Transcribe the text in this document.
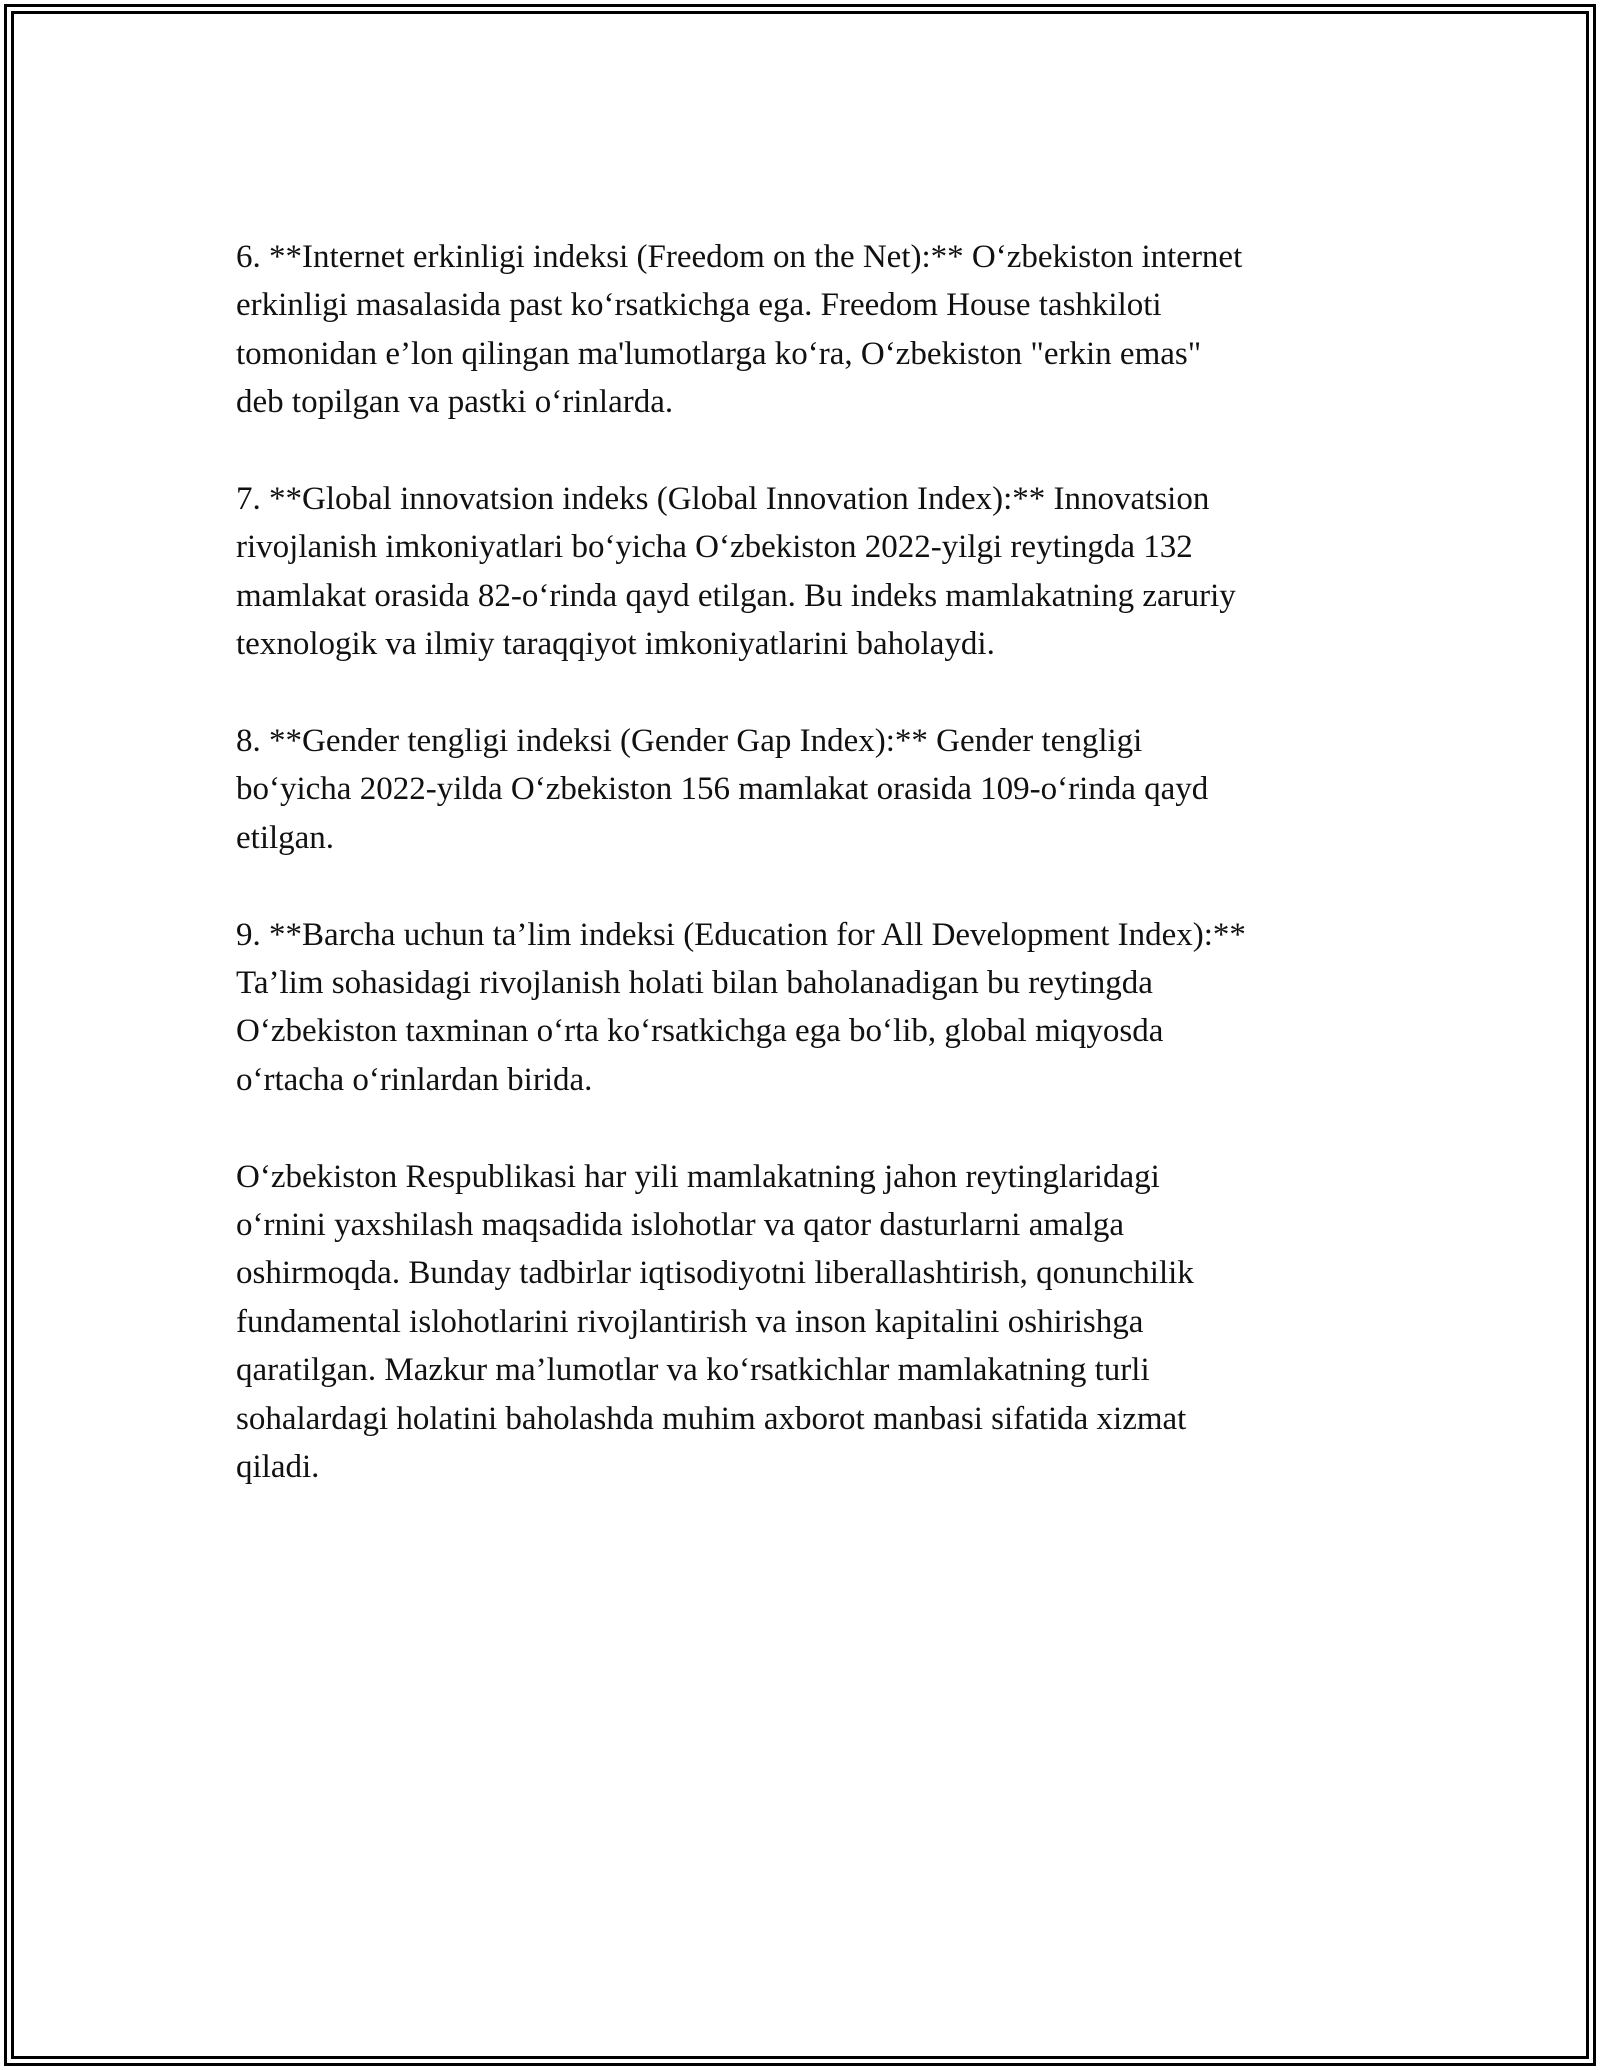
6. **Internet erkinligi indeksi (Freedom on the Net):** O‘zbekiston internet
erkinligi masalasida past ko‘rsatkichga ega. Freedom House tashkiloti
tomonidan e’lon qilingan ma'lumotlarga ko‘ra, O‘zbekiston "erkin emas"
deb topilgan va pastki o‘rinlarda.

7. **Global innovatsion indeks (Global Innovation Index):** Innovatsion
rivojlanish imkoniyatlari bo‘yicha O‘zbekiston 2022-yilgi reytingda 132
mamlakat orasida 82-o‘rinda qayd etilgan. Bu indeks mamlakatning zaruriy
texnologik va ilmiy taraqqiyot imkoniyatlarini baholaydi.

8. **Gender tengligi indeksi (Gender Gap Index):** Gender tengligi
bo‘yicha 2022-yilda O‘zbekiston 156 mamlakat orasida 109-o‘rinda qayd
etilgan.

9. **Barcha uchun ta’lim indeksi (Education for All Development Index):**
Ta’lim sohasidagi rivojlanish holati bilan baholanadigan bu reytingda
O‘zbekiston taxminan o‘rta ko‘rsatkichga ega bo‘lib, global miqyosda
o‘rtacha o‘rinlardan birida.

O‘zbekiston Respublikasi har yili mamlakatning jahon reytinglaridagi
o‘rnini yaxshilash maqsadida islohotlar va qator dasturlarni amalga
oshirmoqda. Bunday tadbirlar iqtisodiyotni liberallashtirish, qonunchilik
fundamental islohotlarini rivojlantirish va inson kapitalini oshirishga
qaratilgan. Mazkur ma’lumotlar va ko‘rsatkichlar mamlakatning turli
sohalardagi holatini baholashda muhim axborot manbasi sifatida xizmat
qiladi.
